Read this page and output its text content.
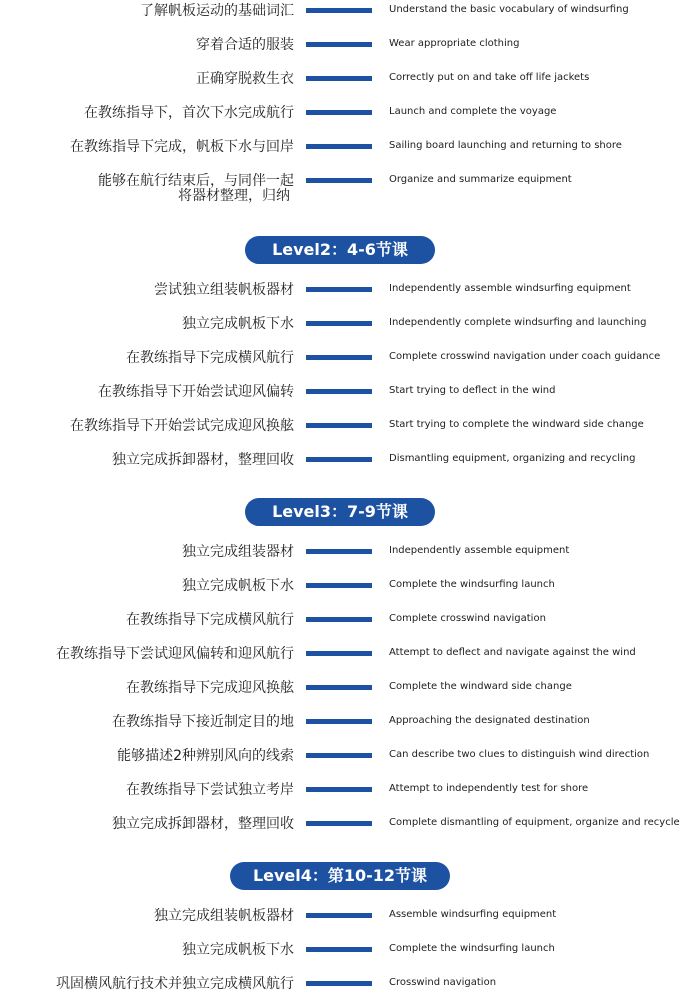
了解帆板运动的基础词汇	Understand the basic vocabulary of windsurfing
穿着合适的服装	Wear appropriate clothing
正确穿脱救生衣	Correctly put on and take off life jackets
在教练指导下，首次下水完成航行	Launch and complete the voyage
在教练指导下完成，帆板下水与回岸	Sailing board launching and returning to shore
能够在航行结束后，与同伴一起	Organize and summarize equipment
将器材整理，归纳
Level2：4-6节课
尝试独立组装帆板器材	Independently assemble windsurfing equipment
独立完成帆板下水	Independently complete windsurfing and launching
在教练指导下完成横风航行	Complete crosswind navigation under coach guidance
在教练指导下开始尝试迎风偏转	Start trying to deflect in the wind
在教练指导下开始尝试完成迎风换舷	Start trying to complete the windward side change
独立完成拆卸器材，整理回收	Dismantling equipment, organizing and recycling
Level3：7-9节课
独立完成组装器材	Independently assemble equipment
独立完成帆板下水	Complete the windsurfing launch
在教练指导下完成横风航行	Complete crosswind navigation
在教练指导下尝试迎风偏转和迎风航行	Attempt to deflect and navigate against the wind
在教练指导下完成迎风换舷	Complete the windward side change
在教练指导下接近制定目的地	Approaching the designated destination
能够描述2种辨别风向的线索	Can describe two clues to distinguish wind direction
在教练指导下尝试独立考岸	Attempt to independently test for shore
独立完成拆卸器材，整理回收	Complete dismantling of equipment, organize and recycle
Level4：第10-12节课
独立完成组装帆板器材	Assemble windsurfing equipment
独立完成帆板下水	Complete the windsurfing launch
巩固横风航行技术并独立完成横风航行	Crosswind navigation
